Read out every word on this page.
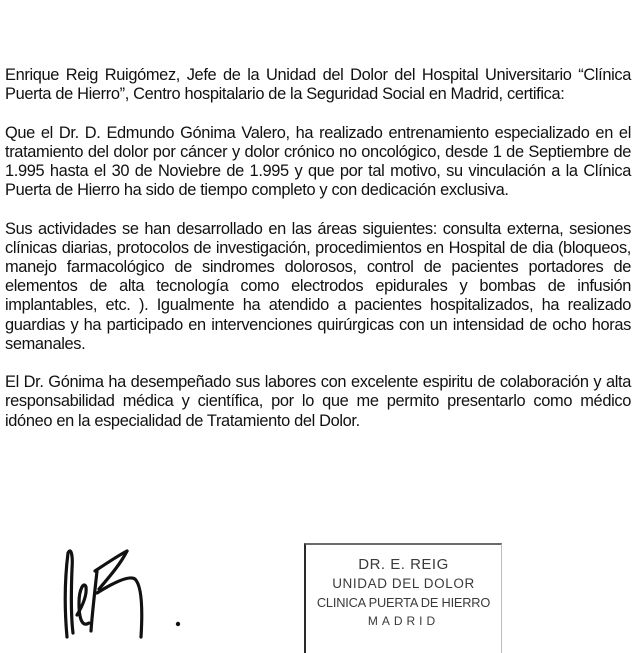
Enrique Reig Ruigómez, Jefe de la Unidad del Dolor del Hospital Universitario “Clínica Puerta de Hierro”, Centro hospitalario de la Seguridad Social en Madrid, certifica:

Que el Dr. D. Edmundo Gónima Valero, ha realizado entrenamiento especializado en el tratamiento del dolor por cáncer y dolor crónico no oncológico, desde 1 de Septiembre de 1.995 hasta el 30 de Noviebre de 1.995 y que por tal motivo, su vinculación a la Clínica Puerta de Hierro ha sido de tiempo completo y con dedicación exclusiva.

Sus actividades se han desarrollado en las áreas siguientes: consulta externa, sesiones clínicas diarias, protocolos de investigación, procedimientos en Hospital de dia (bloqueos, manejo farmacológico de sindromes dolorosos, control de pacientes portadores de elementos de alta tecnología como electrodos epidurales y bombas de infusión implantables, etc. ). Igualmente ha atendido a pacientes hospitalizados, ha realizado guardias y ha participado en intervenciones quirúrgicas con un intensidad de ocho horas semanales.

El Dr. Gónima ha desempeñado sus labores con excelente espiritu de colaboración y alta responsabilidad médica y científica, por lo que me permito presentarlo como médico idóneo en la especialidad de Tratamiento del Dolor.

DR. E. REIG
UNIDAD DEL DOLOR
CLINICA PUERTA DE HIERRO
MADRID
